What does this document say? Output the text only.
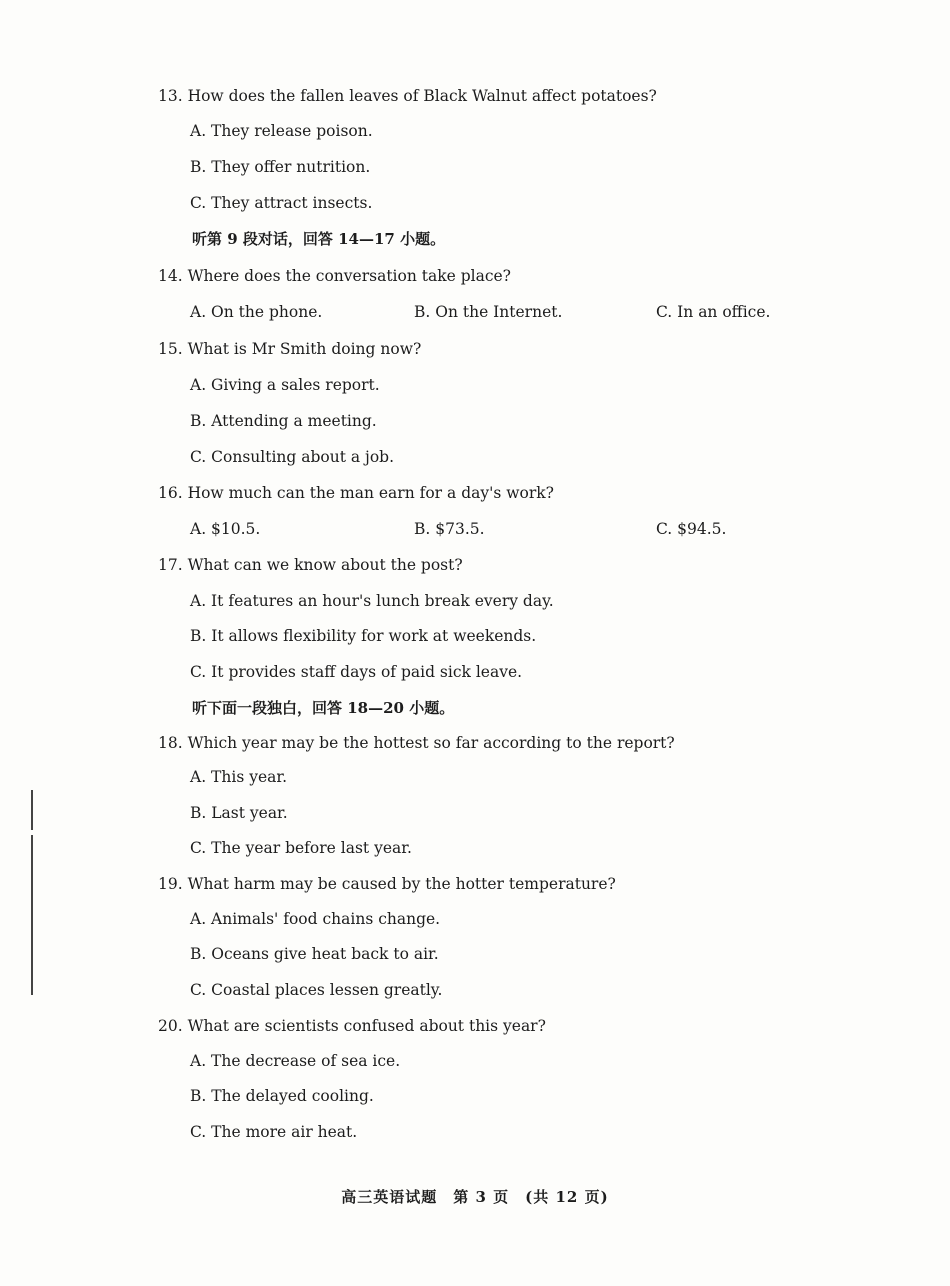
13. How does the fallen leaves of Black Walnut affect potatoes?
A. They release poison.
B. They offer nutrition.
C. They attract insects.
听第 9 段对话，回答 14—17 小题。
14. Where does the conversation take place?
A. On the phone.	B. On the Internet.	C. In an office.
15. What is Mr Smith doing now?
A. Giving a sales report.
B. Attending a meeting.
C. Consulting about a job.
16. How much can the man earn for a day's work?
A. $10.5.	B. $73.5.	C. $94.5.
17. What can we know about the post?
A. It features an hour's lunch break every day.
B. It allows flexibility for work at weekends.
C. It provides staff days of paid sick leave.
听下面一段独白，回答 18—20 小题。
18. Which year may be the hottest so far according to the report?
A. This year.
B. Last year.
C. The year before last year.
19. What harm may be caused by the hotter temperature?
A. Animals' food chains change.
B. Oceans give heat back to air.
C. Coastal places lessen greatly.
20. What are scientists confused about this year?
A. The decrease of sea ice.
B. The delayed cooling.
C. The more air heat.
高三英语试题　第 3 页　(共 12 页)
